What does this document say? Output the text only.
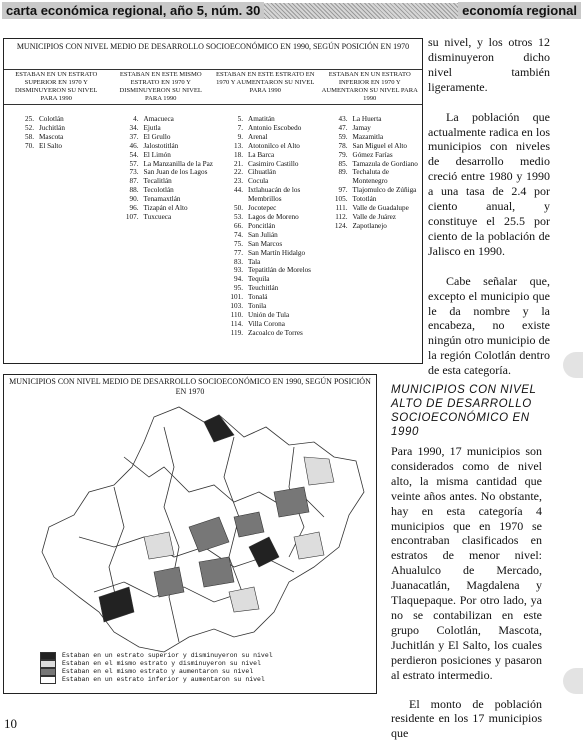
carta económica regional, año 5, núm. 30	economía regional
MUNICIPIOS CON NIVEL MEDIO DE DESARROLLO SOCIOECONÓMICO EN 1990, SEGÚN POSICIÓN EN 1970
ESTABAN EN UN ESTRATO SUPERIOR EN 1970 Y DISMINUYERON SU NIVEL PARA 1990
ESTABAN EN ESTE MISMO ESTRATO EN 1970 Y DISMINUYERON SU NIVEL PARA 1990
ESTABAN EN ESTE ESTRATO EN 1970 Y AUMENTARON SU NIVEL PARA 1990
ESTABAN EN UN ESTRATO INFERIOR EN 1970 Y AUMENTARON SU NIVEL PARA 1990
25. Colotlán
52. Juchitlán
58. Mascota
70. El Salto
4. Amacueca
34. Ejutla
37. El Grullo
46. Jalostotitlán
54. El Limón
57. La Manzanilla de la Paz
73. San Juan de los Lagos
87. Tecalitlán
88. Tecolotlán
90. Tenamaxtlán
96. Tizapán el Alto
107. Tuxcueca
5. Amatitán
7. Antonio Escobedo
9. Arenal
13. Atotonilco el Alto
18. La Barca
21. Casimiro Castillo
22. Cihuatlán
23. Cocula
44. Ixtlahuacán de los Membrillos
50. Jocotepec
53. Lagos de Moreno
66. Poncitlán
74. San Julián
75. San Marcos
77. San Martín Hidalgo
83. Tala
93. Tepatitlán de Morelos
94. Tequila
95. Teuchitlán
101. Tonalá
103. Tonila
110. Unión de Tula
114. Villa Corona
119. Zacoalco de Torres
43. La Huerta
47. Jamay
59. Mazamitla
78. San Miguel el Alto
79. Gómez Farías
85. Tamazula de Gordiano
89. Techaluta de Montenegro
97. Tlajomulco de Zúñiga
105. Tototlán
111. Valle de Guadalupe
112. Valle de Juárez
124. Zapotlanejo
MUNICIPIOS CON NIVEL MEDIO DE DESARROLLO SOCIOECONÓMICO EN 1990, SEGÚN POSICIÓN EN 1970
Estaban en un estrato superior y disminuyeron su nivel
Estaban en el mismo estrato y disminuyeron su nivel
Estaban en el mismo estrato y aumentaron su nivel
Estaban en un estrato inferior y aumentaron su nivel

su nivel, y los otros 12 disminuyeron dicho nivel también ligeramente.

La población que actualmente radica en los municipios con niveles de desarrollo medio creció entre 1980 y 1990 a una tasa de 2.4 por ciento anual, y constituye el 25.5 por ciento de la población de Jalisco en 1990.

Cabe señalar que, excepto el municipio que le da nombre y la encabeza, no existe ningún otro municipio de la región Colotlán dentro de esta categoría.

MUNICIPIOS CON NIVEL ALTO DE DESARROLLO SOCIOECONÓMICO EN 1990

Para 1990, 17 municipios son considerados como de nivel alto, la misma cantidad que veinte años antes. No obstante, hay en esta categoría 4 municipios que en 1970 se encontraban clasificados en estratos de menor nivel: Ahualulco de Mercado, Juanacatlán, Magdalena y Tlaquepaque. Por otro lado, ya no se contabilizan en este grupo Colotlán, Mascota, Juchitlán y El Salto, los cuales perdieron posiciones y pasaron al estrato intermedio.

El monto de población residente en los 17 municipios que

10
